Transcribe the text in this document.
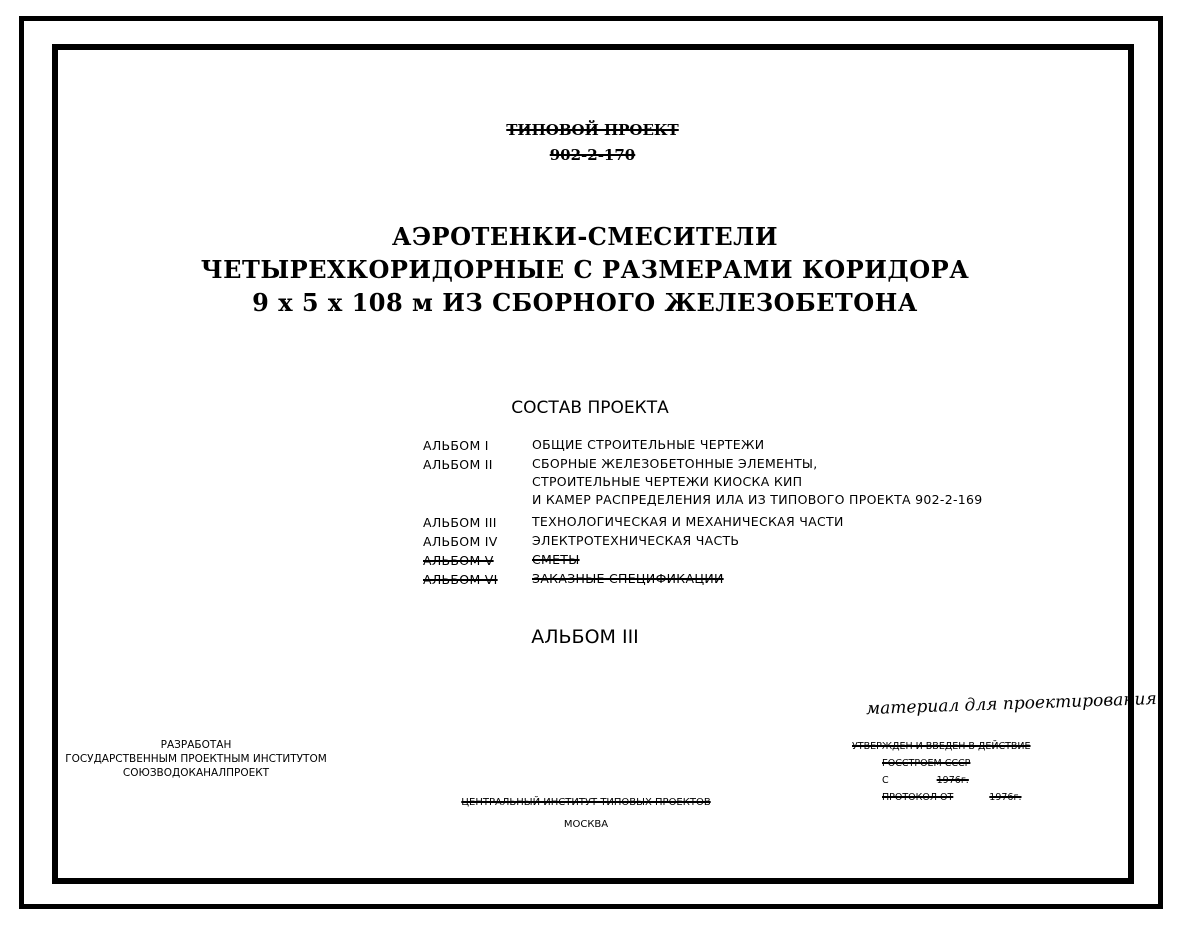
ТИПОВОЙ ПРОЕКТ
902-2-170
АЭРОТЕНКИ-СМЕСИТЕЛИ
ЧЕТЫРЕХКОРИДОРНЫЕ С РАЗМЕРАМИ КОРИДОРА
9 х 5 х 108 м ИЗ СБОРНОГО ЖЕЛЕЗОБЕТОНА
СОСТАВ ПРОЕКТА
АЛЬБОМ I	ОБЩИЕ СТРОИТЕЛЬНЫЕ ЧЕРТЕЖИ
АЛЬБОМ II	СБОРНЫЕ ЖЕЛЕЗОБЕТОННЫЕ ЭЛЕМЕНТЫ,
СТРОИТЕЛЬНЫЕ ЧЕРТЕЖИ КИОСКА КИП
И КАМЕР РАСПРЕДЕЛЕНИЯ ИЛА ИЗ ТИПОВОГО ПРОЕКТА 902-2-169
АЛЬБОМ III	ТЕХНОЛОГИЧЕСКАЯ И МЕХАНИЧЕСКАЯ ЧАСТИ
АЛЬБОМ IV	ЭЛЕКТРОТЕХНИЧЕСКАЯ ЧАСТЬ
АЛЬБОМ V	СМЕТЫ
АЛЬБОМ VI	ЗАКАЗНЫЕ СПЕЦИФИКАЦИИ
АЛЬБОМ III
материал для проектирования
РАЗРАБОТАН
ГОСУДАРСТВЕННЫМ ПРОЕКТНЫМ ИНСТИТУТОМ
СОЮЗВОДОКАНАЛПРОЕКТ
УТВЕРЖДЕН И ВВЕДЕН В ДЕЙСТВИЕ
ГОССТРОЕМ СССР
С	1976г.
ПРОТОКОЛ ОТ	1976г.
ЦЕНТРАЛЬНЫЙ ИНСТИТУТ ТИПОВЫХ ПРОЕКТОВ
МОСКВА
